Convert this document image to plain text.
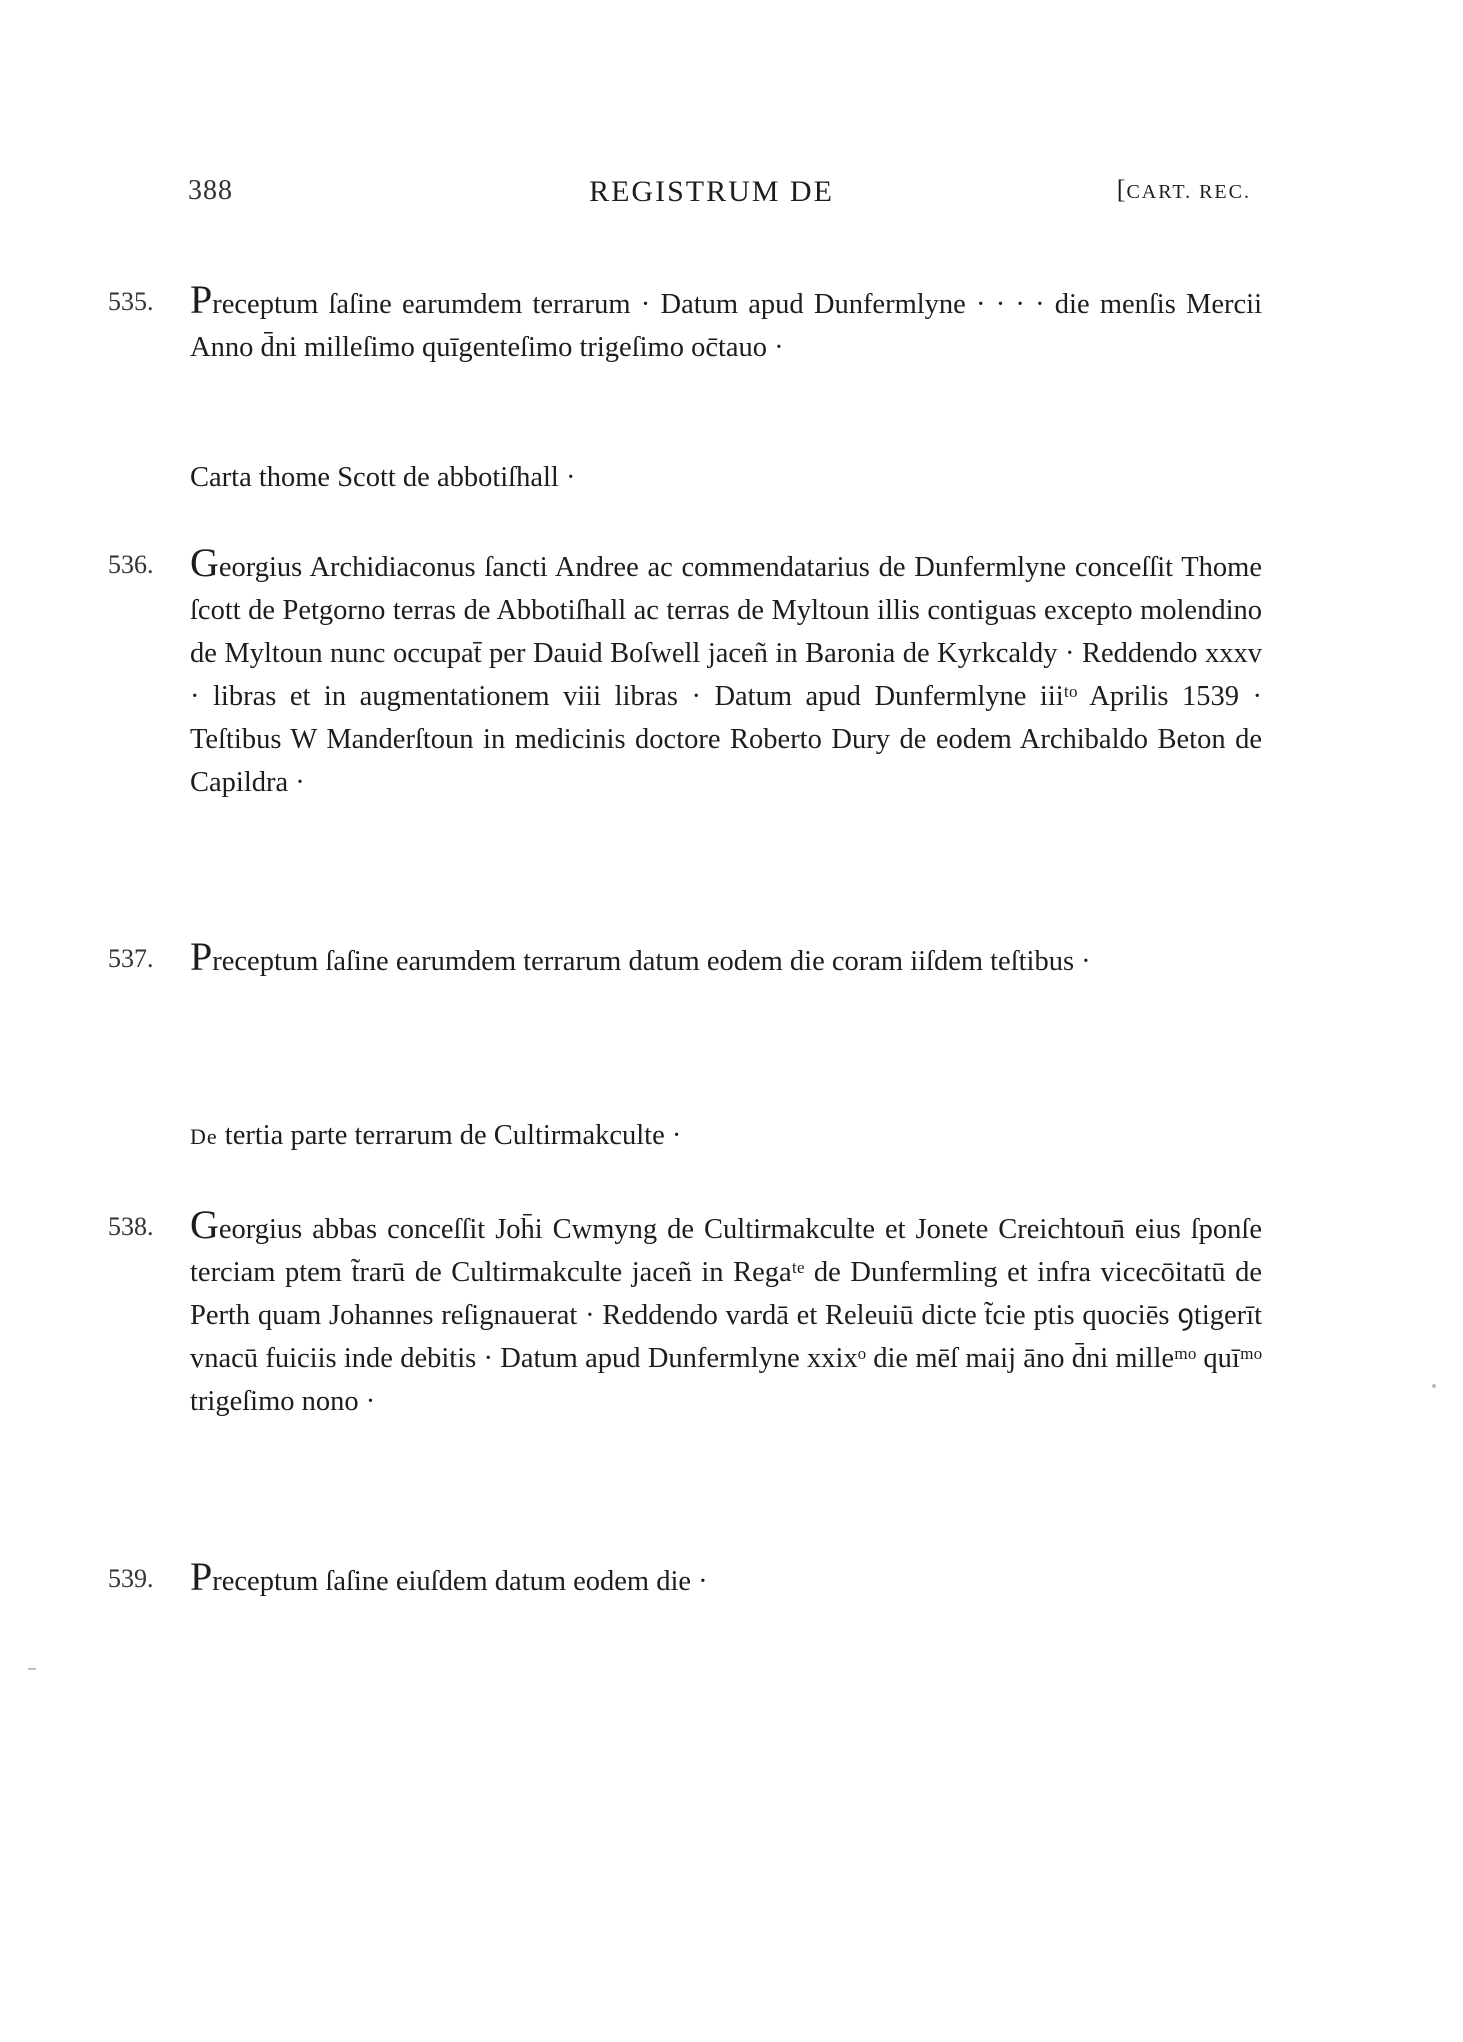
388	REGISTRUM DE	[CART. REC.
535. Preceptum ſaſine earumdem terrarum · Datum apud Dunfermlyne · · · · die menſis Mercii Anno d̄ni milleſimo quīgenteſimo trigeſimo oc̄tauo ·
Carta thome Scott de abbotiſhall ·
536. Georgius Archidiaconus ſancti Andree ac commendatarius de Dunfermlyne conceſſit Thome ſcott de Petgorno terras de Abbotiſhall ac terras de Myltoun illis contiguas excepto molendino de Myltoun nunc occupat̄ per Dauid Boſwell jaceñ in Baronia de Kyrkcaldy · Reddendo xxxv · libras et in augmentationem viii libras · Datum apud Dunfermlyne iiiᵗᵒ Aprilis 1539 · Teſtibus W Manderſtoun in medicinis doctore Roberto Dury de eodem Archibaldo Beton de Capildra ·
537. Preceptum ſaſine earumdem terrarum datum eodem die coram iiſdem teſtibus ·
De tertia parte terrarum de Cultirmakculte ·
538. Georgius abbas conceſſit Joh̄i Cwmyng de Cultirmakculte et Jonete Creichtoun̄ eius ſponſe terciam ptem t̃rarū de Cultirmakculte jaceñ in Regaᵗᵉ de Dunfermling et infra vicecōitatū de Perth quam Johannes reſignauerat · Reddendo vardā et Releuiū dicte t̃cie ptis quociēs ꝯtigerīt vnacū fuiciis inde debitis · Datum apud Dunfermlyne xxixᵒ die mēſ maij āno d̄ni milleᵐᵒ quīᵐᵒ trigeſimo nono ·
539. Preceptum ſaſine eiuſdem datum eodem die ·
